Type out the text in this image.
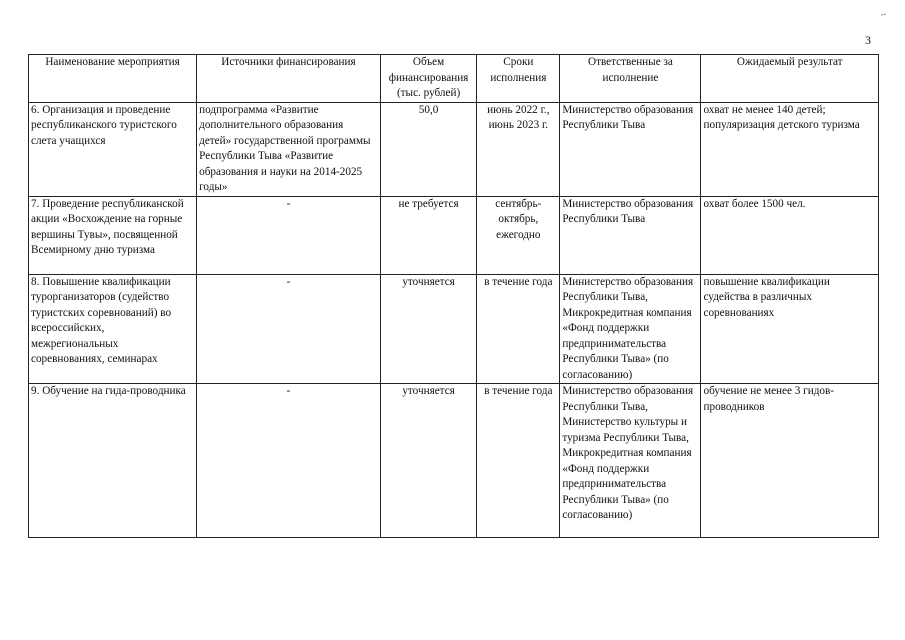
~
3
Наименование мероприятия	Источники финансирования	Объем финансирования (тыс. рублей)	Сроки исполнения	Ответственные за исполнение	Ожидаемый результат
6. Организация и проведение республиканского туристского слета учащихся	подпрограмма «Развитие дополнительного образования детей» государственной программы Республики Тыва «Развитие образования и науки на 2014-2025 годы»	50,0	июнь 2022 г., июнь 2023 г.	Министерство образования Республики Тыва	охват не менее 140 детей; популяризация детского туризма
7. Проведение республиканской акции «Восхождение на горные вершины Тувы», посвященной Всемирному дню туризма	-	не требуется	сентябрь-октябрь, ежегодно	Министерство образования Республики Тыва	охват более 1500 чел.
8. Повышение квалификации турорганизаторов (судейство туристских соревнований) во всероссийских, межрегиональных соревнованиях, семинарах	-	уточняется	в течение года	Министерство образования Республики Тыва, Микрокредитная компания «Фонд поддержки предпринимательства Республики Тыва» (по согласованию)	повышение квалификации судейства в различных соревнованиях
9. Обучение на гида-проводника	-	уточняется	в течение года	Министерство образования Республики Тыва, Министерство культуры и туризма Республики Тыва, Микрокредитная компания «Фонд поддержки предпринимательства Республики Тыва» (по согласованию)	обучение не менее 3 гидов-проводников
